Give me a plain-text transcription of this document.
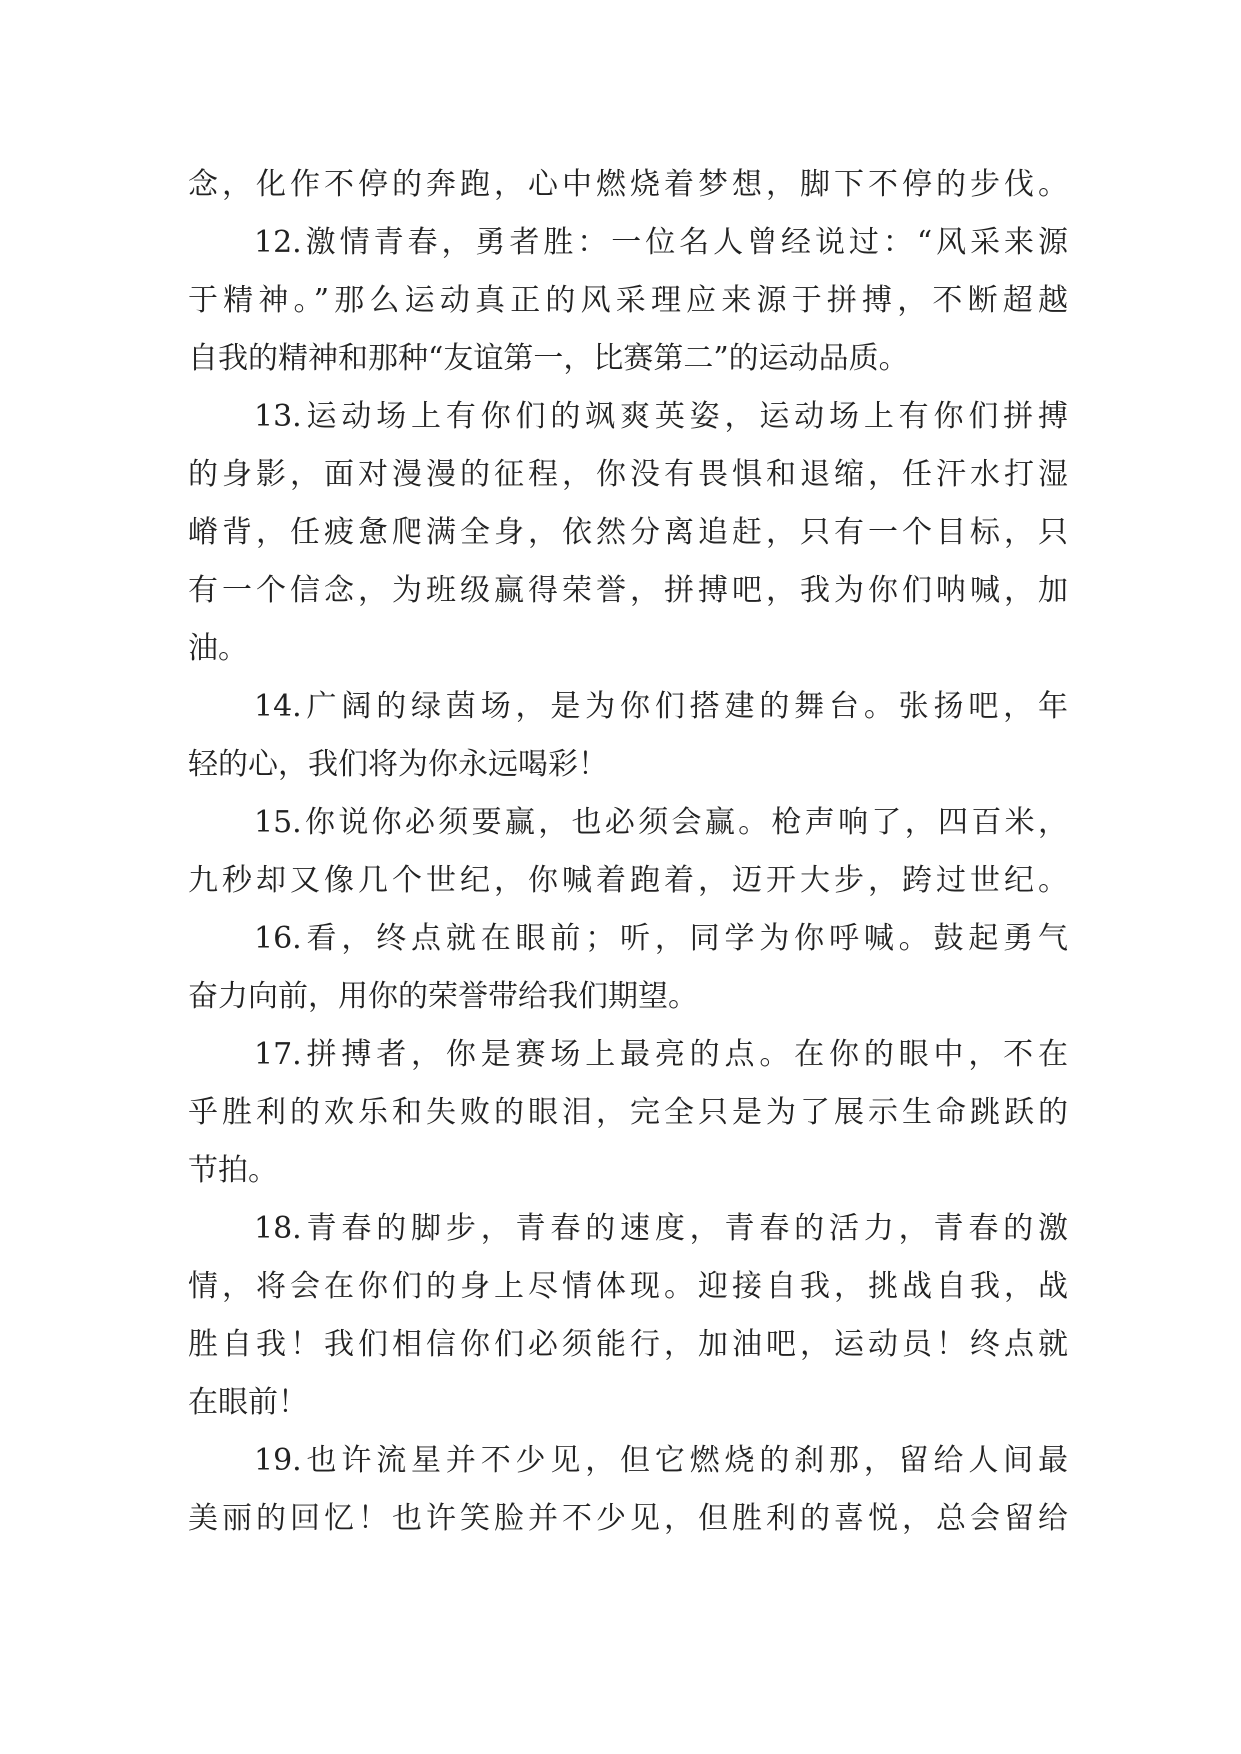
念，化作不停的奔跑，心中燃烧着梦想，脚下不停的步伐。
12.激情青春，勇者胜：一位名人曾经说过：“风采来源
于精神。”那么运动真正的风采理应来源于拼搏，不断超越
自我的精神和那种“友谊第一，比赛第二”的运动品质。
13.运动场上有你们的飒爽英姿，运动场上有你们拼搏
的身影，面对漫漫的征程，你没有畏惧和退缩，任汗水打湿
嵴背，任疲惫爬满全身，依然分离追赶，只有一个目标，只
有一个信念，为班级赢得荣誉，拼搏吧，我为你们呐喊，加
油。
14.广阔的绿茵场，是为你们搭建的舞台。张扬吧，年
轻的心，我们将为你永远喝彩！
15.你说你必须要赢，也必须会赢。枪声响了，四百米，
九秒却又像几个世纪，你喊着跑着，迈开大步，跨过世纪。
16.看，终点就在眼前；听，同学为你呼喊。鼓起勇气
奋力向前，用你的荣誉带给我们期望。
17.拼搏者，你是赛场上最亮的点。在你的眼中，不在
乎胜利的欢乐和失败的眼泪，完全只是为了展示生命跳跃的
节拍。
18.青春的脚步，青春的速度，青春的活力，青春的激
情，将会在你们的身上尽情体现。迎接自我，挑战自我，战
胜自我！我们相信你们必须能行，加油吧，运动员！终点就
在眼前！
19.也许流星并不少见，但它燃烧的刹那，留给人间最
美丽的回忆！也许笑脸并不少见，但胜利的喜悦，总会留给
